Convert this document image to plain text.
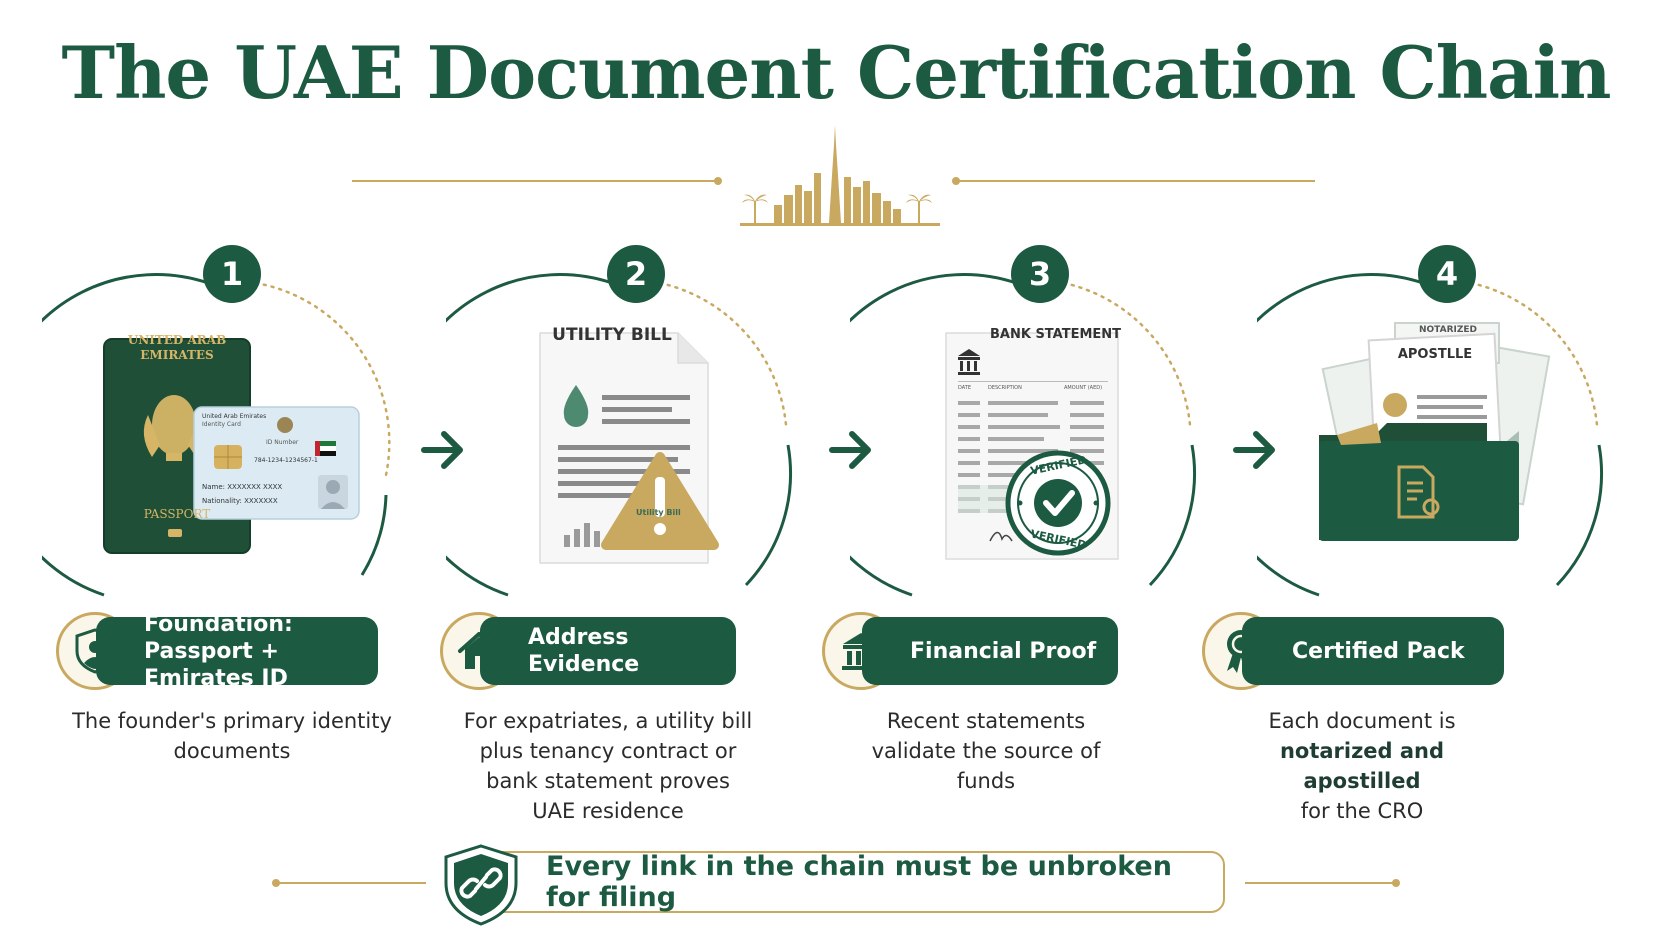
The UAE Document Certification Chain
1
UNITED ARAB
EMIRATES
PASSPORT
United Arab Emirates
Identity Card
ID Number
784-1234-1234567-1
Name: XXXXXXX XXXX
Nationality: XXXXXXX
Foundation:
Passport + Emirates ID
The founder's primary identity documents
2
UTILITY BILL
Utility Bill
Address Evidence
For expatriates, a utility bill plus tenancy contract or bank statement proves UAE residence
3
BANK STATEMENT
DATE	DESCRIPTION	AMOUNT (AED)
VERIFIED
VERIFIED
Financial Proof
Recent statements validate the source of funds
4
APOSTLLE
NOTARIZED
Certified Pack
Each document is
notarized and apostilled
for the CRO
Every link in the chain must be unbroken for filing
